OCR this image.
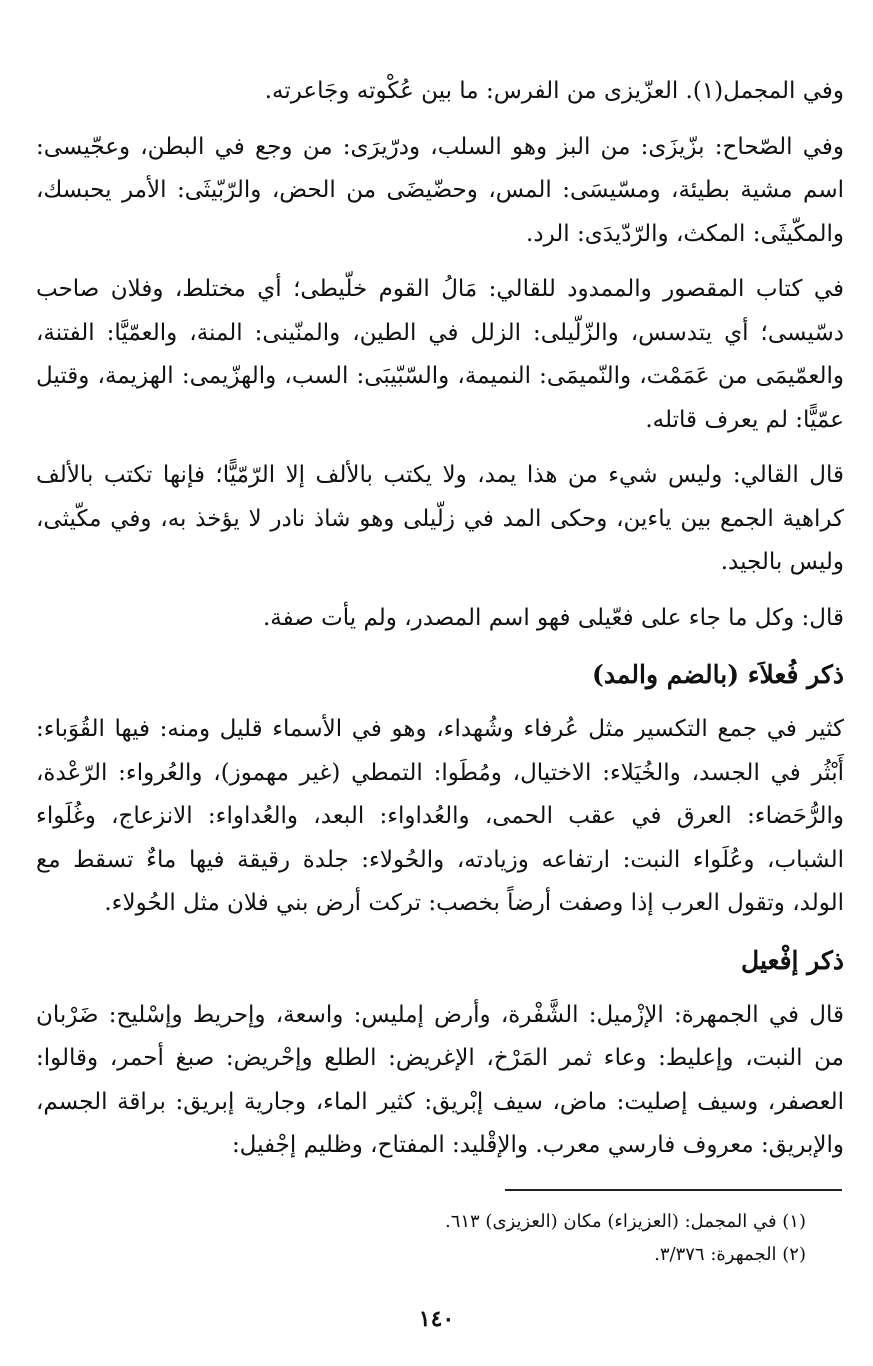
وفي المجمل(١). العزّيزى من الفرس: ما بين عُكْوته وجَاعرته.

وفي الصّحاح: بزّيزَى: من البز وهو السلب، ودرّيرَى: من وجع في البطن، وعجّيسى: اسم مشية بطيئة، ومسّيسَى: المس، وحضّيضَى من الحض، والرّبّيثَى: الأمر يحبسك، والمكّيثَى: المكث، والرّدّيدَى: الرد.

في كتاب المقصور والممدود للقالي: مَالُ القوم خلّيطى؛ أي مختلط، وفلان صاحب دسّيسى؛ أي يتدسس، والزّلّيلى: الزلل في الطين، والمنّينى: المنة، والعمّيَّا: الفتنة، والعمّيمَى من عَمَمْت، والنّميمَى: النميمة، والسّبّيبَى: السب، والهزّيمى: الهزيمة، وقتيل عمّيًّا: لم يعرف قاتله.

قال القالي: وليس شيء من هذا يمد، ولا يكتب بالألف إلا الرّمّيًّا؛ فإنها تكتب بالألف كراهية الجمع بين ياءين، وحكى المد في زلّيلى وهو شاذ نادر لا يؤخذ به، وفي مكّيثى، وليس بالجيد.

قال: وكل ما جاء على فعّيلى فهو اسم المصدر، ولم يأت صفة.

ذكر فُعلاَء (بالضم والمد)

كثير في جمع التكسير مثل عُرفاء وشُهداء، وهو في الأسماء قليل ومنه: فيها القُوَباء: أَبْثُر في الجسد، والخُيَلاء: الاختيال، ومُطَوا: التمطي (غير مهموز)، والعُرواء: الرّعْدة، والرُّحَضاء: العرق في عقب الحمى، والعُداواء: البعد، والعُداواء: الانزعاج، وغُلَواء الشباب، وعُلَواء النبت: ارتفاعه وزيادته، والحُولاء: جلدة رقيقة فيها ماءٌ تسقط مع الولد، وتقول العرب إذا وصفت أرضاً بخصب: تركت أرض بني فلان مثل الحُولاء.

ذكر إفْعيل

قال في الجمهرة: الإزْميل: الشَّفْرة، وأرض إمليس: واسعة، وإحريط وإسْليح: ضَرْبان من النبت، وإعليط: وعاء ثمر المَرْخ، الإغريض: الطلع وإحْريض: صبغ أحمر، وقالوا: العصفر، وسيف إصليت: ماض، سيف إبْريق: كثير الماء، وجارية إبريق: براقة الجسم، والإبريق: معروف فارسي معرب. والإقْليد: المفتاح، وظليم إجْفيل:

(١) في المجمل: (العزيزاء) مكان (العزيزى) ٦١٣.
(٢) الجمهرة: ٣/٣٧٦.
١٤٠
